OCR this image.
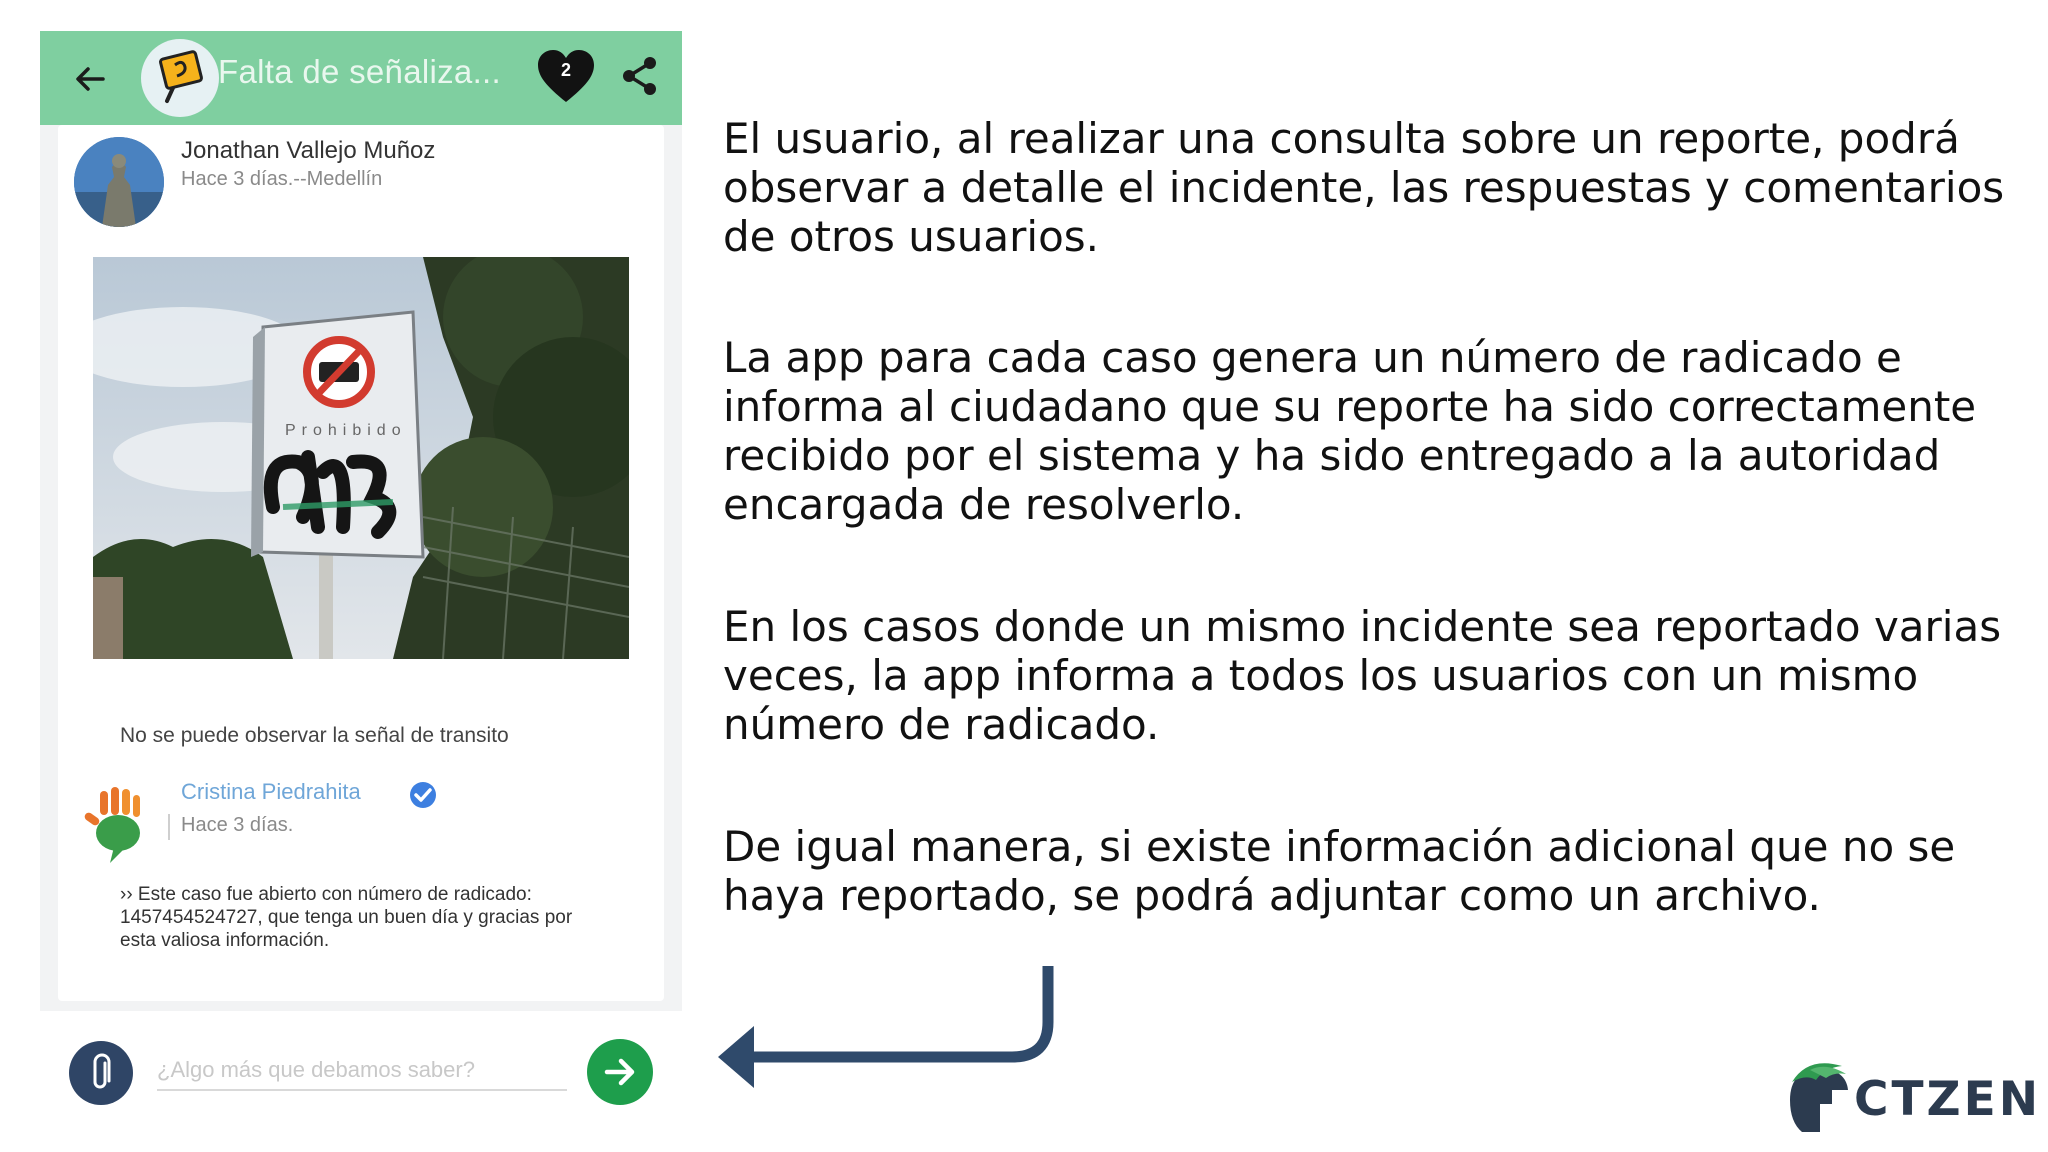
Falta de señaliza...	2
Jonathan Vallejo Muñoz
Hace 3 días.--Medellín
Prohibido
No se puede observar la señal de transito
Cristina Piedrahita
Hace 3 días.
›› Este caso fue abierto con número de radicado: 1457454524727, que tenga un buen día y gracias por esta valiosa información.
¿Algo más que debamos saber?
El usuario, al realizar una consulta sobre un reporte, podrá observar a detalle el incidente, las respuestas y comentarios de otros usuarios.
La app para cada caso genera un número de radicado e informa al ciudadano que su reporte ha sido correctamente recibido por el sistema y ha sido entregado a la autoridad encargada de resolverlo.
En los casos donde un mismo incidente sea reportado varias veces, la app informa a todos los usuarios con un mismo número de radicado.
De igual manera, si existe información adicional que no se haya reportado, se podrá adjuntar como un archivo.
CTZEN
